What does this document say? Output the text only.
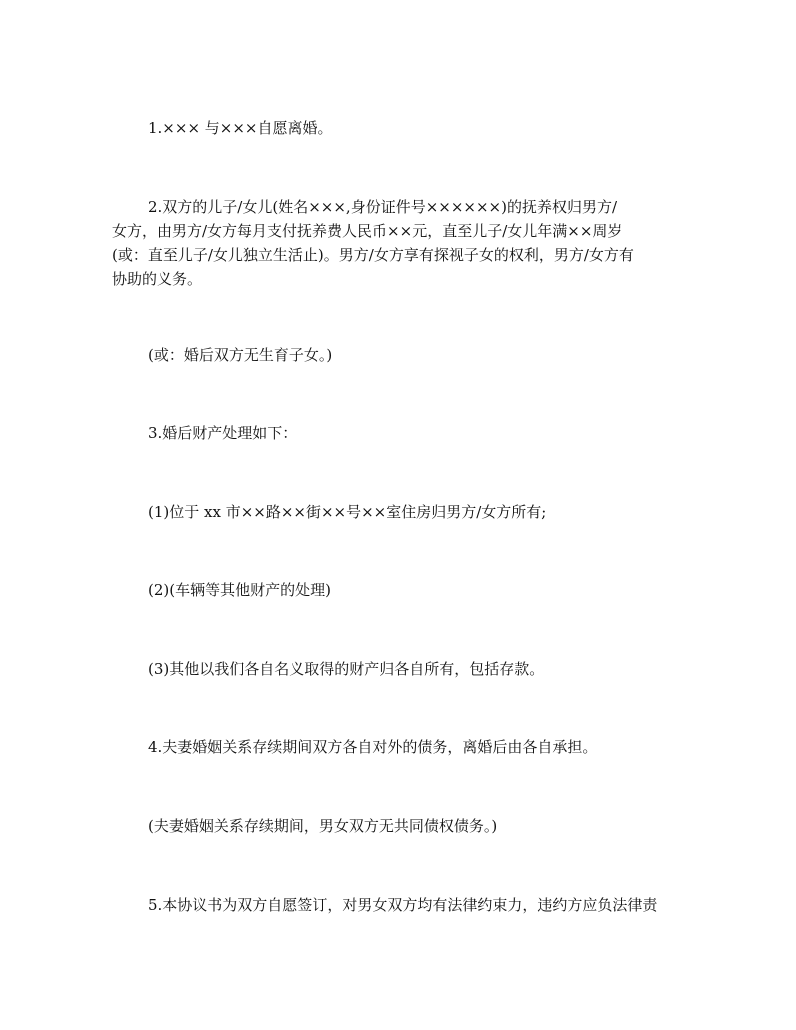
1.××× 与×××自愿离婚。

2.双方的儿子/女儿(姓名×××,身份证件号××××××)的抚养权归男方/
女方，由男方/女方每月支付抚养费人民币××元，直至儿子/女儿年满××周岁
(或：直至儿子/女儿独立生活止)。男方/女方享有探视子女的权利，男方/女方有
协助的义务。

(或：婚后双方无生育子女。)

3.婚后财产处理如下：

(1)位于 xx 市××路××街××号××室住房归男方/女方所有;

(2)(车辆等其他财产的处理)

(3)其他以我们各自名义取得的财产归各自所有，包括存款。

4.夫妻婚姻关系存续期间双方各自对外的债务，离婚后由各自承担。

(夫妻婚姻关系存续期间，男女双方无共同债权债务。)

5.本协议书为双方自愿签订，对男女双方均有法律约束力，违约方应负法律责
